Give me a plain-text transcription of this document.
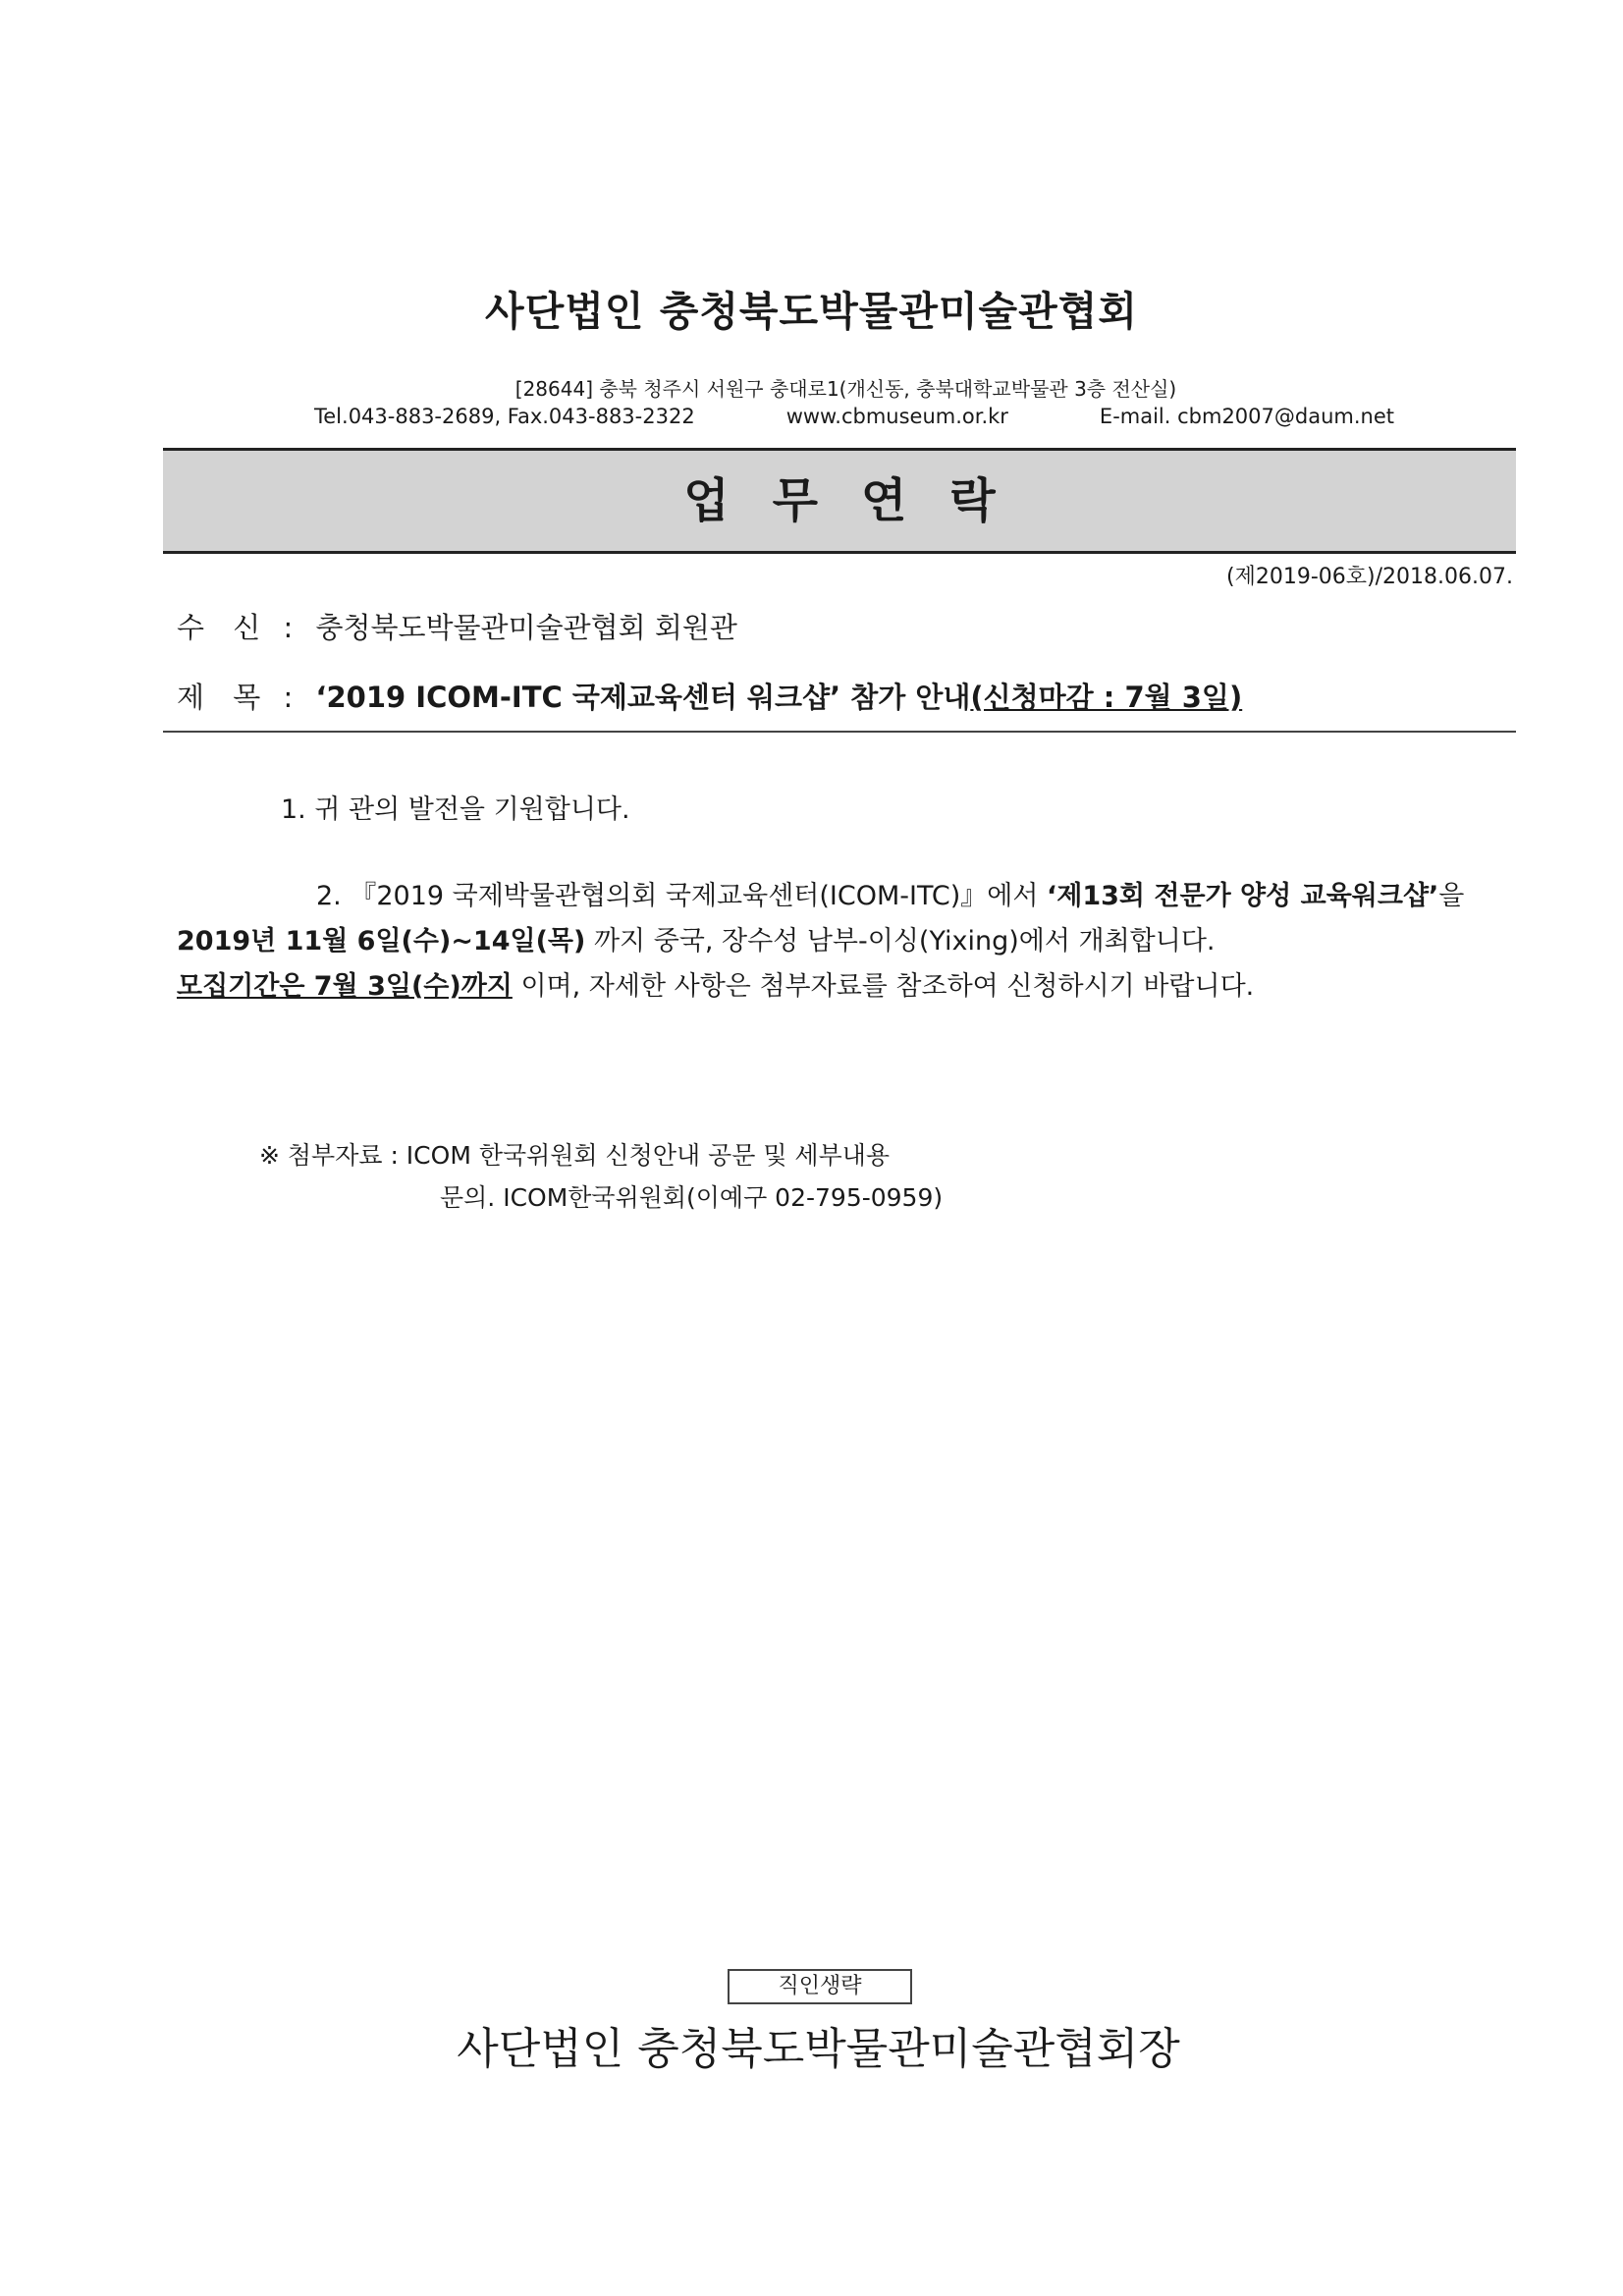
사단법인 충청북도박물관미술관협회
[28644] 충북 청주시 서원구 충대로1(개신동, 충북대학교박물관 3층 전산실)
Tel.043-883-2689, Fax.043-883-2322	www.cbmuseum.or.kr	E-mail. cbm2007@daum.net
업무연락
(제2019-06호)/2018.06.07.
수 신 : 충청북도박물관미술관협회 회원관
제 목 : ‘2019 ICOM-ITC 국제교육센터 워크샵’ 참가 안내(신청마감 : 7월 3일)
1. 귀 관의 발전을 기원합니다.
2. 『2019 국제박물관협의회 국제교육센터(ICOM-ITC)』에서 ‘제13회 전문가 양성 교육워크샵’을
2019년 11월 6일(수)~14일(목) 까지 중국, 장수성 남부-이싱(Yixing)에서 개최합니다.
모집기간은 7월 3일(수)까지 이며, 자세한 사항은 첨부자료를 참조하여 신청하시기 바랍니다.
※ 첨부자료 : ICOM 한국위원회 신청안내 공문 및 세부내용
문의. ICOM한국위원회(이예구 02-795-0959)
직인생략
사단법인 충청북도박물관미술관협회장
